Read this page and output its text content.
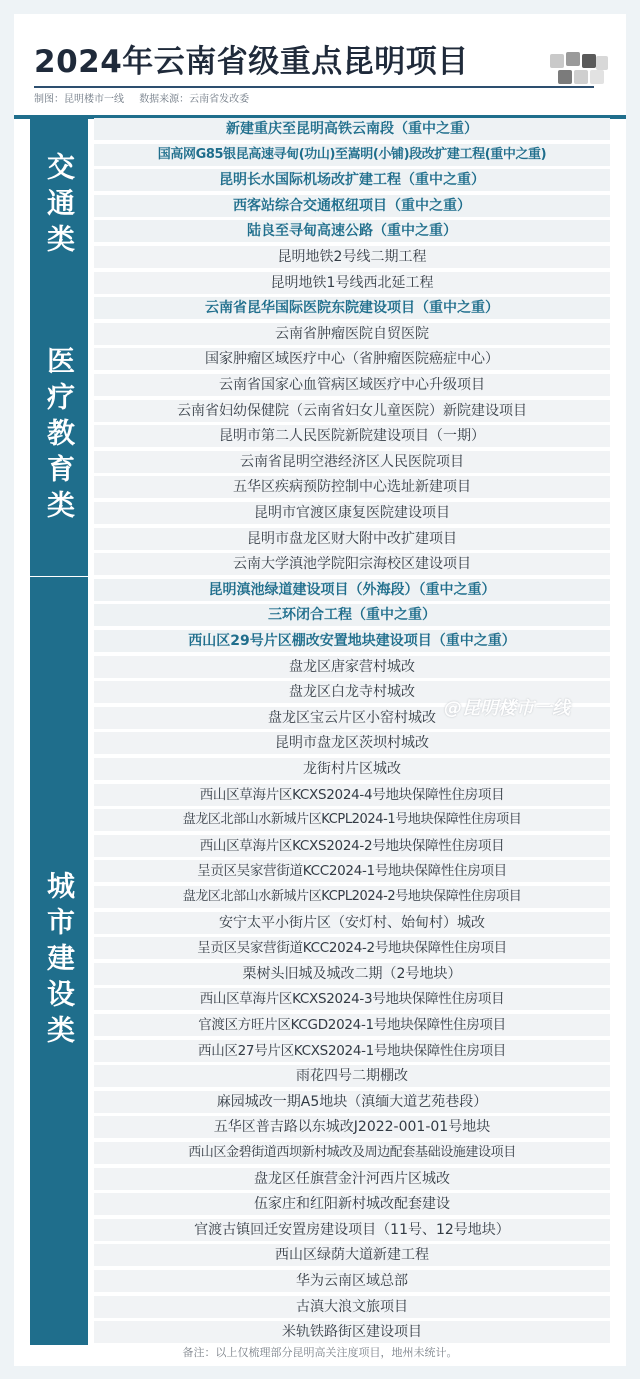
2024年云南省级重点昆明项目
制图：昆明楼市一线 数据来源：云南省发改委
交通类
医疗教育类
城市建设类
新建重庆至昆明高铁云南段（重中之重）
国高网G85银昆高速寻甸(功山)至嵩明(小铺)段改扩建工程(重中之重)
昆明长水国际机场改扩建工程（重中之重）
西客站综合交通枢纽项目（重中之重）
陆良至寻甸高速公路（重中之重）
昆明地铁2号线二期工程
昆明地铁1号线西北延工程
云南省昆华国际医院东院建设项目（重中之重）
云南省肿瘤医院自贸医院
国家肿瘤区域医疗中心（省肿瘤医院癌症中心）
云南省国家心血管病区域医疗中心升级项目
云南省妇幼保健院（云南省妇女儿童医院）新院建设项目
昆明市第二人民医院新院建设项目（一期）
云南省昆明空港经济区人民医院项目
五华区疾病预防控制中心选址新建项目
昆明市官渡区康复医院建设项目
昆明市盘龙区财大附中改扩建项目
云南大学滇池学院阳宗海校区建设项目
昆明滇池绿道建设项目（外海段）（重中之重）
三环闭合工程（重中之重）
西山区29号片区棚改安置地块建设项目（重中之重）
盘龙区唐家营村城改
盘龙区白龙寺村城改
盘龙区宝云片区小窑村城改
昆明市盘龙区茨坝村城改
龙街村片区城改
西山区草海片区KCXS2024-4号地块保障性住房项目
盘龙区北部山水新城片区KCPL2024-1号地块保障性住房项目
西山区草海片区KCXS2024-2号地块保障性住房项目
呈贡区吴家营街道KCC2024-1号地块保障性住房项目
盘龙区北部山水新城片区KCPL2024-2号地块保障性住房项目
安宁太平小街片区（安灯村、始甸村）城改
呈贡区吴家营街道KCC2024-2号地块保障性住房项目
栗树头旧城及城改二期（2号地块）
西山区草海片区KCXS2024-3号地块保障性住房项目
官渡区方旺片区KCGD2024-1号地块保障性住房项目
西山区27号片区KCXS2024-1号地块保障性住房项目
雨花四号二期棚改
麻园城改一期A5地块（滇缅大道艺苑巷段）
五华区普吉路以东城改J2022-001-01号地块
西山区金碧街道西坝新村城改及周边配套基础设施建设项目
盘龙区任旗营金汁河西片区城改
伍家庄和红阳新村城改配套建设
官渡古镇回迁安置房建设项目（11号、12号地块）
西山区绿荫大道新建工程
华为云南区域总部
古滇大浪文旅项目
米轨铁路街区建设项目
@昆明楼市一线
备注：以上仅梳理部分昆明高关注度项目，地州未统计。
